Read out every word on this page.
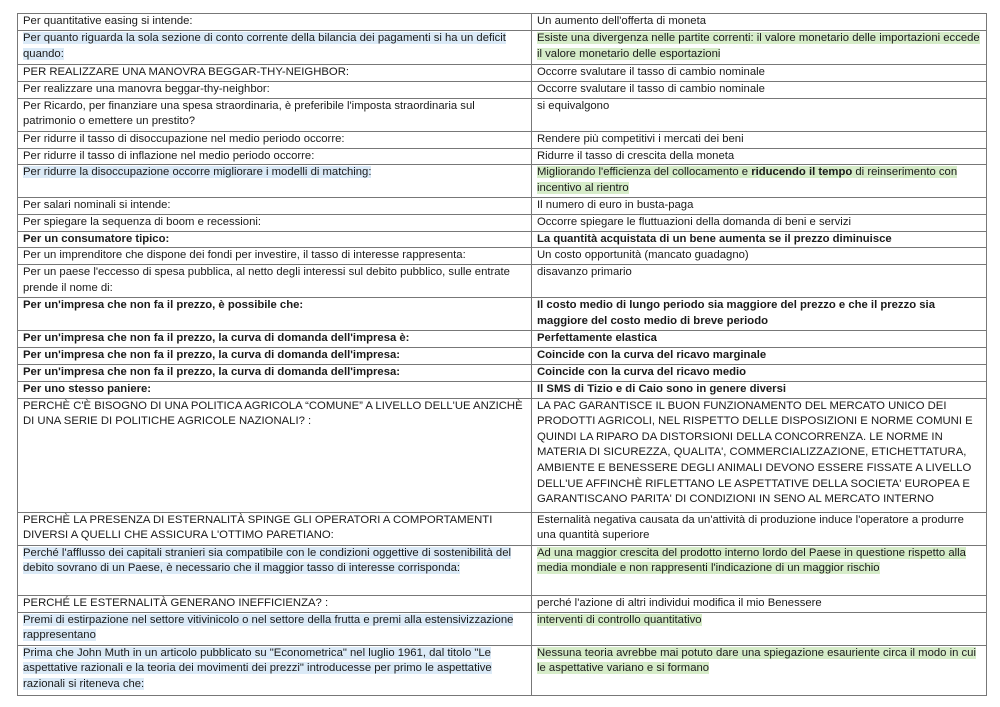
Per quantitative easing si intende:	Un aumento dell'offerta di moneta
Per quanto riguarda la sola sezione di conto corrente della bilancia dei pagamenti si ha un deficit quando:	Esiste una divergenza nelle partite correnti: il valore monetario delle importazioni eccede il valore monetario delle esportazioni
PER REALIZZARE UNA MANOVRA BEGGAR-THY-NEIGHBOR:	Occorre svalutare il tasso di cambio nominale
Per realizzare una manovra beggar-thy-neighbor:	Occorre svalutare il tasso di cambio nominale
Per Ricardo, per finanziare una spesa straordinaria, è preferibile l'imposta straordinaria sul patrimonio o emettere un prestito?	si equivalgono
Per ridurre il tasso di disoccupazione nel medio periodo occorre:	Rendere più competitivi i mercati dei beni
Per ridurre il tasso di inflazione nel medio periodo occorre:	Ridurre il tasso di crescita della moneta
Per ridurre la disoccupazione occorre migliorare i modelli di matching:	Migliorando l'efficienza del collocamento e riducendo il tempo di reinserimento con incentivo al rientro
Per salari nominali si intende:	Il numero di euro in busta-paga
Per spiegare la sequenza di boom e recessioni:	Occorre spiegare le fluttuazioni della domanda di beni e servizi
Per un consumatore tipico:	La quantità acquistata di un bene aumenta se il prezzo diminuisce
Per un imprenditore che dispone dei fondi per investire, il tasso di interesse rappresenta:	Un costo opportunità (mancato guadagno)
Per un paese l'eccesso di spesa pubblica, al netto degli interessi sul debito pubblico, sulle entrate prende il nome di:	disavanzo primario
Per un'impresa che non fa il prezzo, è possibile che:	Il costo medio di lungo periodo sia maggiore del prezzo e che il prezzo sia maggiore del costo medio di breve periodo
Per un'impresa che non fa il prezzo, la curva di domanda dell'impresa è:	Perfettamente elastica
Per un'impresa che non fa il prezzo, la curva di domanda dell'impresa:	Coincide con la curva del ricavo marginale
Per un'impresa che non fa il prezzo, la curva di domanda dell'impresa:	Coincide con la curva del ricavo medio
Per uno stesso paniere:	Il SMS di Tizio e di Caio sono in genere diversi
PERCHÈ C'È BISOGNO DI UNA POLITICA AGRICOLA “COMUNE” A LIVELLO DELL'UE ANZICHÈ DI UNA SERIE DI POLITICHE AGRICOLE NAZIONALI? :	LA PAC GARANTISCE IL BUON FUNZIONAMENTO DEL MERCATO UNICO DEI PRODOTTI AGRICOLI, NEL RISPETTO DELLE DISPOSIZIONI E NORME COMUNI E QUINDI LA RIPARO DA DISTORSIONI DELLA CONCORRENZA. LE NORME IN MATERIA DI SICUREZZA, QUALITA', COMMERCIALIZZAZIONE, ETICHETTATURA, AMBIENTE E BENESSERE DEGLI ANIMALI DEVONO ESSERE FISSATE A LIVELLO DELL'UE AFFINCHÈ RIFLETTANO LE ASPETTATIVE DELLA SOCIETA' EUROPEA E GARANTISCANO PARITA' DI CONDIZIONI IN SENO AL MERCATO INTERNO
PERCHÈ LA PRESENZA DI ESTERNALITÀ SPINGE GLI OPERATORI A COMPORTAMENTI DIVERSI A QUELLI CHE ASSICURA L'OTTIMO PARETIANO:	Esternalità negativa causata da un'attività di produzione induce l'operatore a produrre una quantità superiore
Perché l'afflusso dei capitali stranieri sia compatibile con le condizioni oggettive di sostenibilità del debito sovrano di un Paese, è necessario che il maggior tasso di interesse corrisponda:	Ad una maggior crescita del prodotto interno lordo del Paese in questione rispetto alla media mondiale e non rappresenti l'indicazione di un maggior rischio
PERCHÉ LE ESTERNALITÀ GENERANO INEFFICIENZA? :	perché l'azione di altri individui modifica il mio Benessere
Premi di estirpazione nel settore vitivinicolo o nel settore della frutta e premi alla estensivizzazione rappresentano	interventi di controllo quantitativo
Prima che John Muth in un articolo pubblicato su "Econometrica" nel luglio 1961, dal titolo "Le aspettative razionali e la teoria dei movimenti dei prezzi" introducesse per primo le aspettative razionali si riteneva che:	Nessuna teoria avrebbe mai potuto dare una spiegazione esauriente circa il modo in cui le aspettative variano e si formano
